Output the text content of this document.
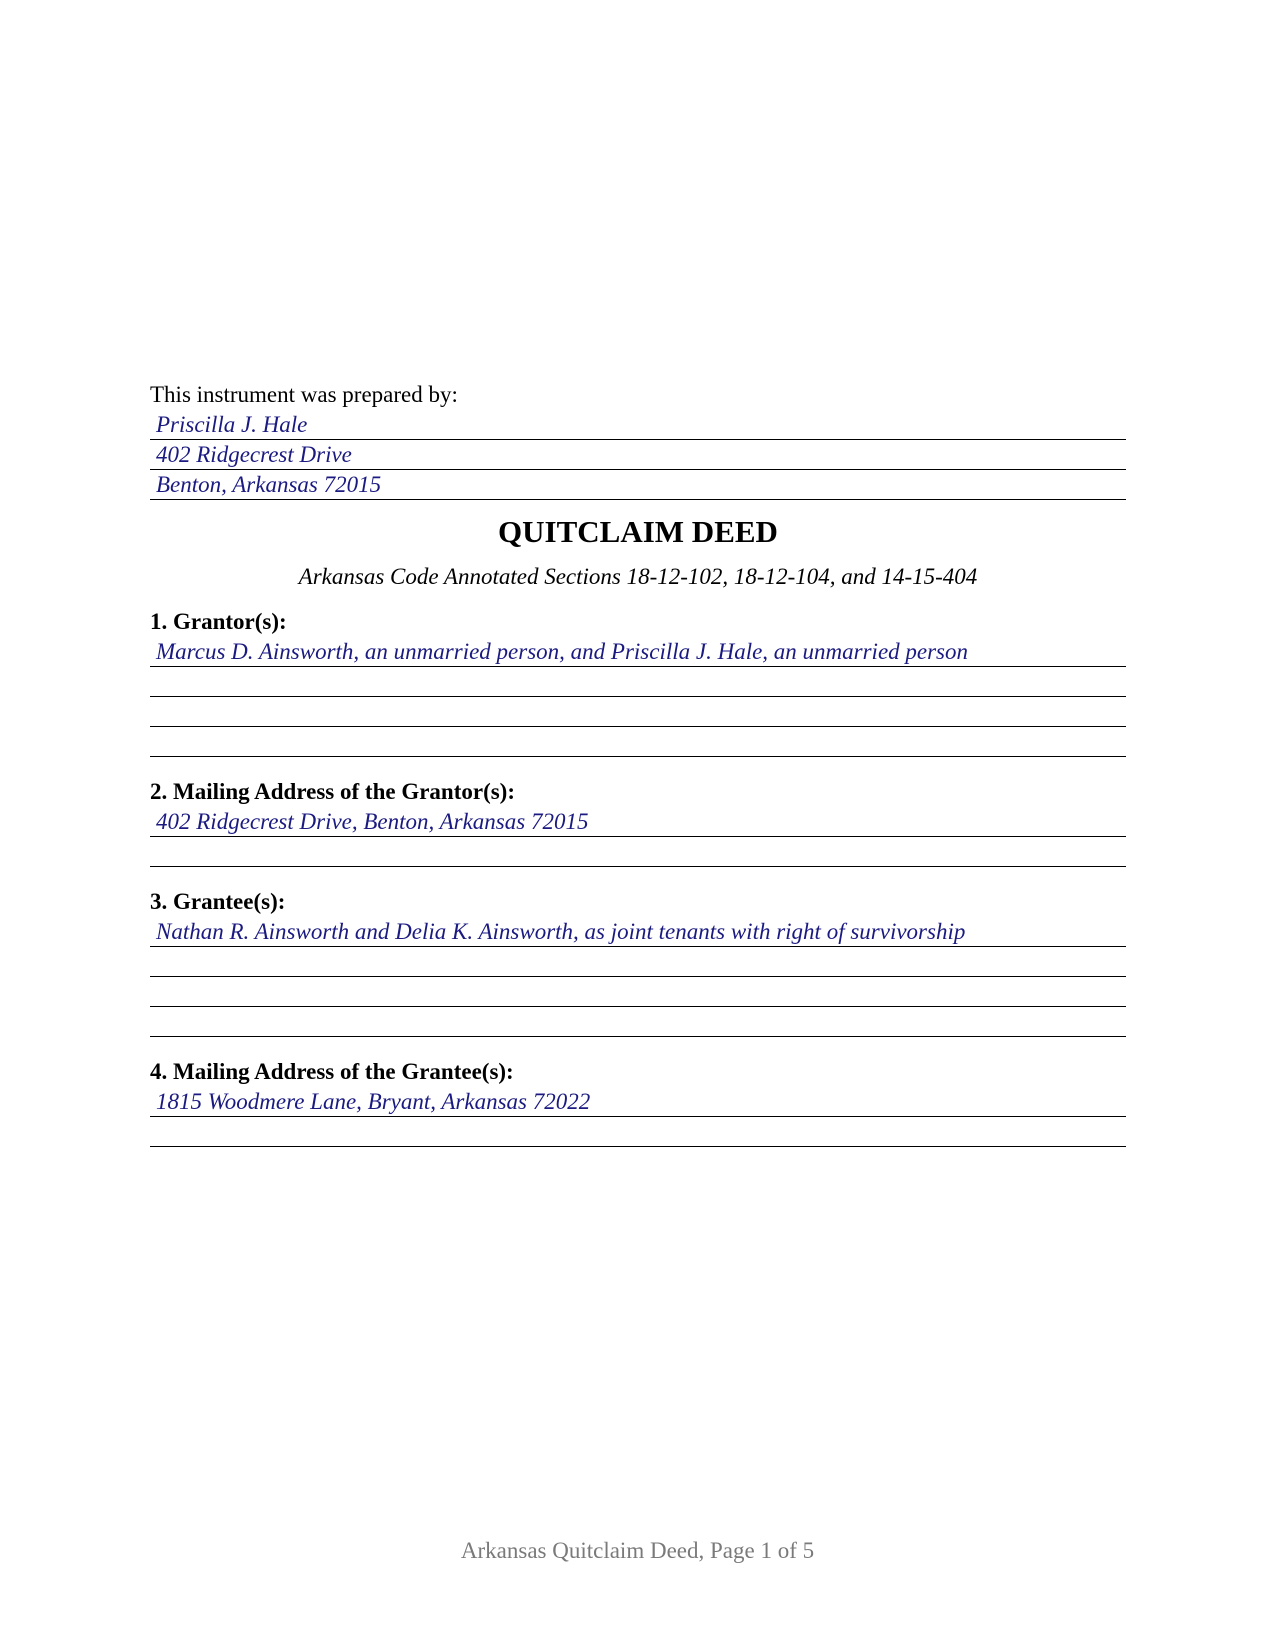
This instrument was prepared by:
Priscilla J. Hale
402 Ridgecrest Drive
Benton, Arkansas 72015
QUITCLAIM DEED
Arkansas Code Annotated Sections 18-12-102, 18-12-104, and 14-15-404
1. Grantor(s):
Marcus D. Ainsworth, an unmarried person, and Priscilla J. Hale, an unmarried person
2. Mailing Address of the Grantor(s):
402 Ridgecrest Drive, Benton, Arkansas 72015
3. Grantee(s):
Nathan R. Ainsworth and Delia K. Ainsworth, as joint tenants with right of survivorship
4. Mailing Address of the Grantee(s):
1815 Woodmere Lane, Bryant, Arkansas 72022
Arkansas Quitclaim Deed, Page 1 of 5
